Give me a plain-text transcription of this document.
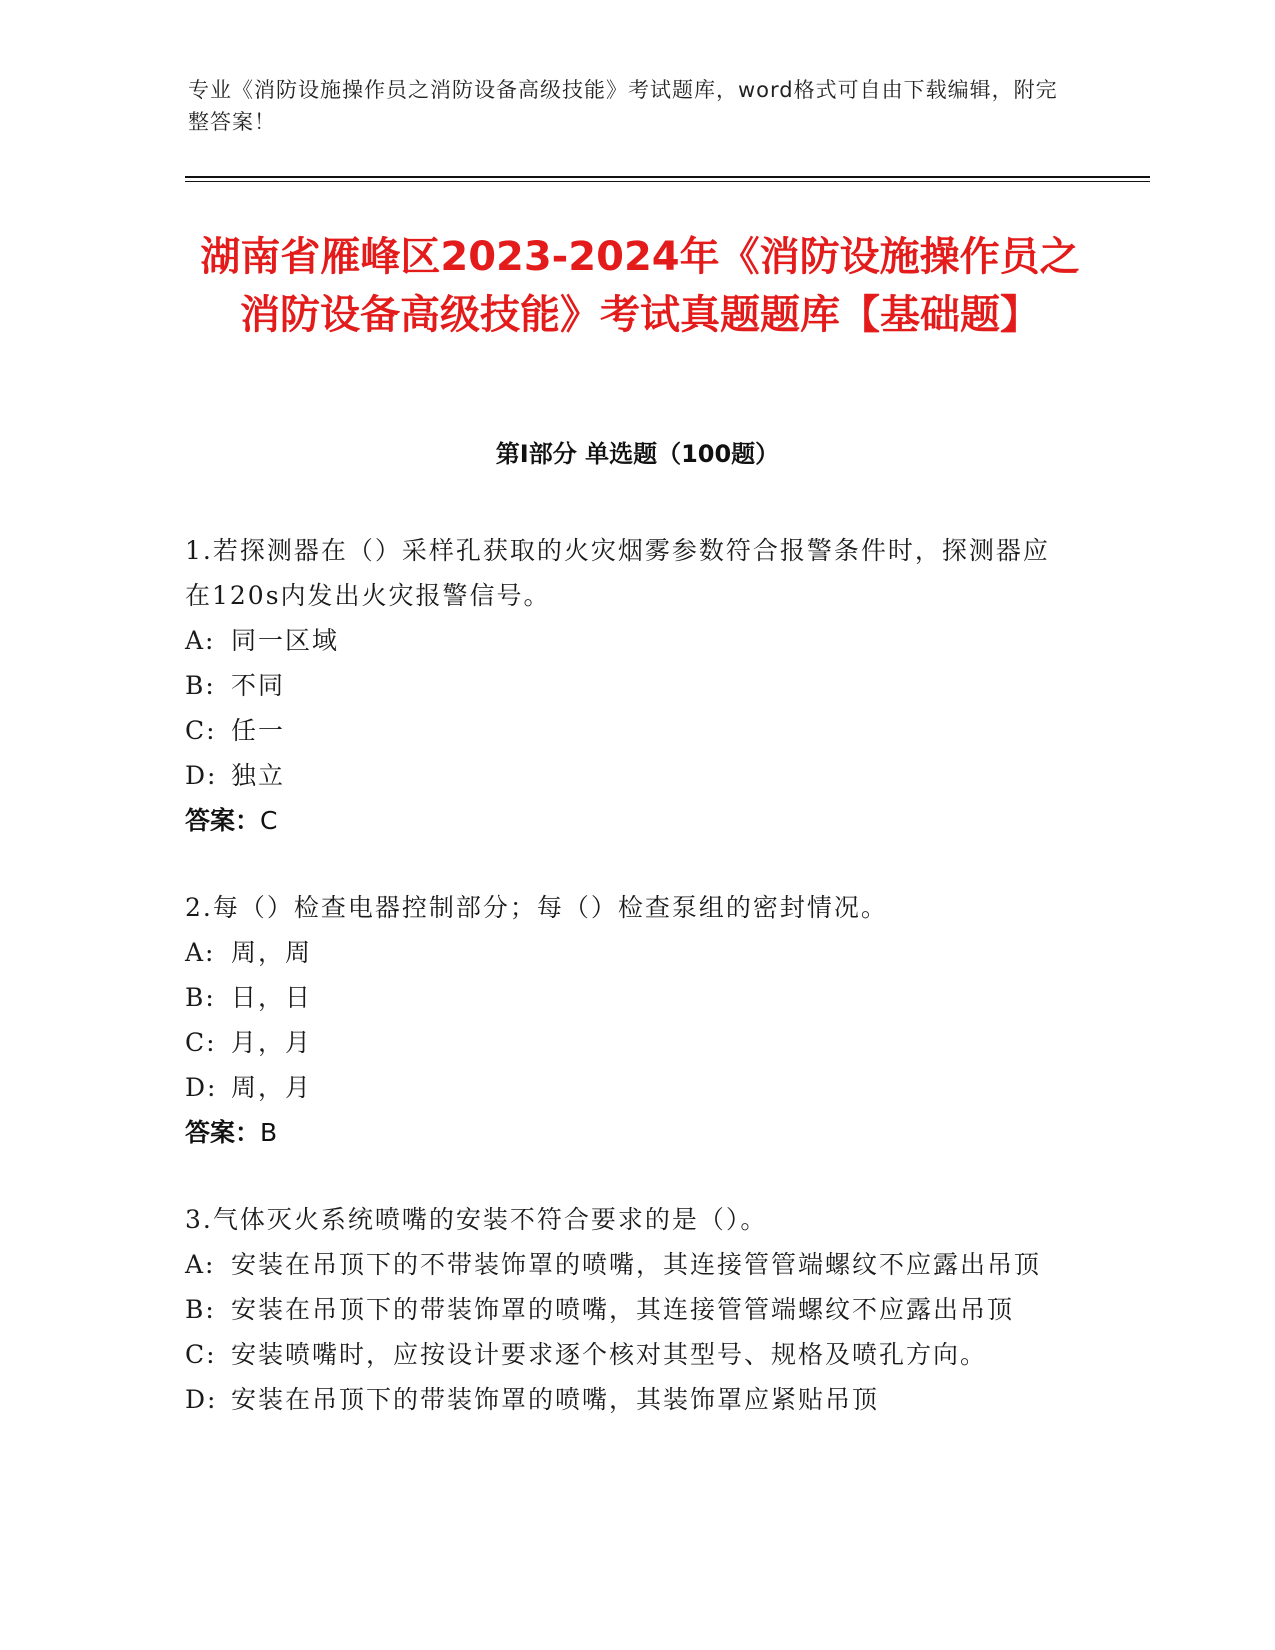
专业《消防设施操作员之消防设备高级技能》考试题库，word格式可自由下载编辑，附完整答案！
湖南省雁峰区2023-2024年《消防设施操作员之消防设备高级技能》考试真题题库【基础题】
第I部分 单选题（100题）
1.若探测器在（）采样孔获取的火灾烟雾参数符合报警条件时，探测器应在120s内发出火灾报警信号。
A: 同一区域
B: 不同
C: 任一
D: 独立
答案：C
2.每（）检查电器控制部分；每（）检查泵组的密封情况。
A: 周，周
B: 日，日
C: 月，月
D: 周，月
答案：B
3.气体灭火系统喷嘴的安装不符合要求的是（）。
A: 安装在吊顶下的不带装饰罩的喷嘴，其连接管管端螺纹不应露出吊顶
B: 安装在吊顶下的带装饰罩的喷嘴，其连接管管端螺纹不应露出吊顶
C: 安装喷嘴时，应按设计要求逐个核对其型号、规格及喷孔方向。
D: 安装在吊顶下的带装饰罩的喷嘴，其装饰罩应紧贴吊顶
